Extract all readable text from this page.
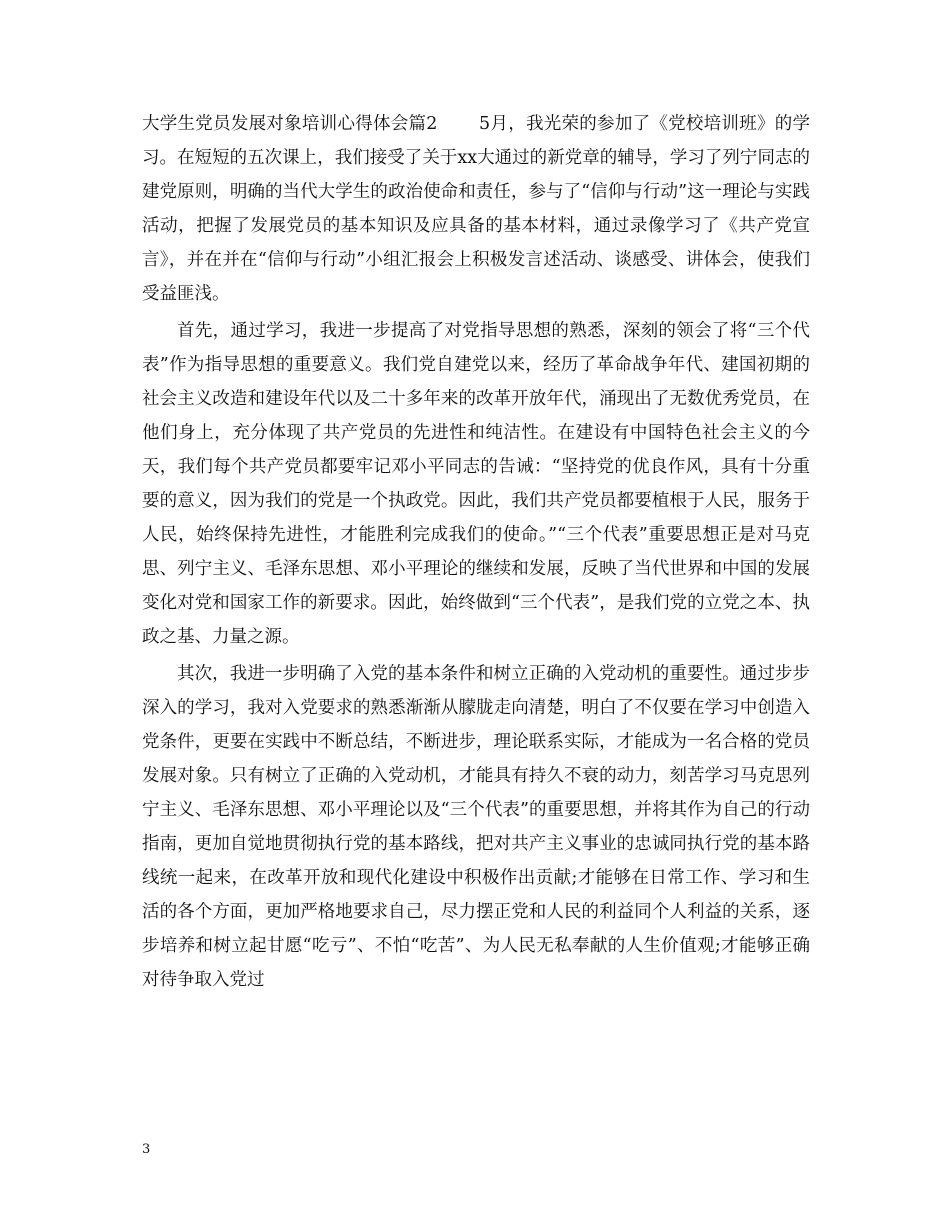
大学生党员发展对象培训心得体会篇2　　 5月，我光荣的参加了《党校培训班》的学习。在短短的五次课上，我们接受了关于xx大通过的新党章的辅导，学习了列宁同志的建党原则，明确的当代大学生的政治使命和责任，参与了“信仰与行动”这一理论与实践活动，把握了发展党员的基本知识及应具备的基本材料，通过录像学习了《共产党宣言》，并在并在“信仰与行动”小组汇报会上积极发言述活动、谈感受、讲体会，使我们受益匪浅。

首先，通过学习，我进一步提高了对党指导思想的熟悉，深刻的领会了将“三个代表”作为指导思想的重要意义。我们党自建党以来，经历了革命战争年代、建国初期的社会主义改造和建设年代以及二十多年来的改革开放年代，涌现出了无数优秀党员，在他们身上，充分体现了共产党员的先进性和纯洁性。在建设有中国特色社会主义的今天，我们每个共产党员都要牢记邓小平同志的告诫：“坚持党的优良作风，具有十分重要的意义，因为我们的党是一个执政党。因此，我们共产党员都要植根于人民，服务于人民，始终保持先进性，才能胜利完成我们的使命。”“三个代表”重要思想正是对马克思、列宁主义、毛泽东思想、邓小平理论的继续和发展，反映了当代世界和中国的发展变化对党和国家工作的新要求。因此，始终做到“三个代表”，是我们党的立党之本、执政之基、力量之源。

其次，我进一步明确了入党的基本条件和树立正确的入党动机的重要性。通过步步深入的学习，我对入党要求的熟悉渐渐从朦胧走向清楚，明白了不仅要在学习中创造入党条件，更要在实践中不断总结，不断进步，理论联系实际，才能成为一名合格的党员发展对象。只有树立了正确的入党动机，才能具有持久不衰的动力，刻苦学习马克思列宁主义、毛泽东思想、邓小平理论以及“三个代表”的重要思想，并将其作为自己的行动指南，更加自觉地贯彻执行党的基本路线，把对共产主义事业的忠诚同执行党的基本路线统一起来，在改革开放和现代化建设中积极作出贡献;才能够在日常工作、学习和生活的各个方面，更加严格地要求自己，尽力摆正党和人民的利益同个人利益的关系，逐步培养和树立起甘愿“吃亏”、不怕“吃苦”、为人民无私奉献的人生价值观;才能够正确对待争取入党过

3
